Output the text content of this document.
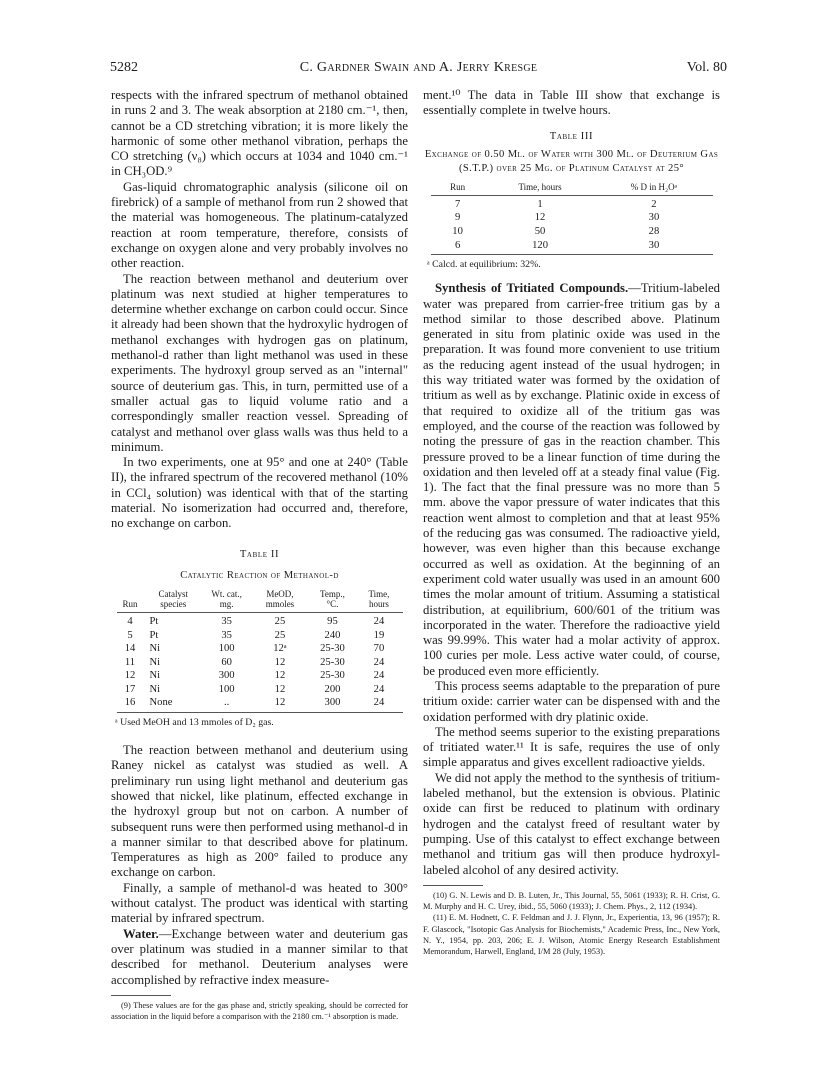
5282	C. Gardner Swain and A. Jerry Kresge	Vol. 80

respects with the infrared spectrum of methanol obtained in runs 2 and 3. The weak absorption at 2180 cm.⁻¹, then, cannot be a CD stretching vibration; it is more likely the harmonic of some other methanol vibration, perhaps the CO stretching (ν₈) which occurs at 1034 and 1040 cm.⁻¹ in CH₃OD.⁹

Gas-liquid chromatographic analysis (silicone oil on firebrick) of a sample of methanol from run 2 showed that the material was homogeneous. The platinum-catalyzed reaction at room temperature, therefore, consists of exchange on oxygen alone and very probably involves no other reaction.

The reaction between methanol and deuterium over platinum was next studied at higher temperatures to determine whether exchange on carbon could occur. Since it already had been shown that the hydroxylic hydrogen of methanol exchanges with hydrogen gas on platinum, methanol-d rather than light methanol was used in these experiments. The hydroxyl group served as an "internal" source of deuterium gas. This, in turn, permitted use of a smaller actual gas to liquid volume ratio and a correspondingly smaller reaction vessel. Spreading of catalyst and methanol over glass walls was thus held to a minimum.

In two experiments, one at 95° and one at 240° (Table II), the infrared spectrum of the recovered methanol (10% in CCl₄ solution) was identical with that of the starting material. No isomerization had occurred and, therefore, no exchange on carbon.

Table II

Catalytic Reaction of Methanol-d

Run	Catalyst species	Wt. cat., mg.	MeOD, mmoles	Temp., °C.	Time, hours
4	Pt	35	25	95	24
5	Pt	35	25	240	19
14	Ni	100	12ᵃ	25-30	70
11	Ni	60	12	25-30	24
12	Ni	300	12	25-30	24
17	Ni	100	12	200	24
16	None	..	12	300	24

ᵃ Used MeOH and 13 mmoles of D₂ gas.

The reaction between methanol and deuterium using Raney nickel as catalyst was studied as well. A preliminary run using light methanol and deuterium gas showed that nickel, like platinum, effected exchange in the hydroxyl group but not on carbon. A number of subsequent runs were then performed using methanol-d in a manner similar to that described above for platinum. Temperatures as high as 200° failed to produce any exchange on carbon.

Finally, a sample of methanol-d was heated to 300° without catalyst. The product was identical with starting material by infrared spectrum.

Water.—Exchange between water and deuterium gas over platinum was studied in a manner similar to that described for methanol. Deuterium analyses were accomplished by refractive index measure-

(9) These values are for the gas phase and, strictly speaking, should be corrected for association in the liquid before a comparison with the 2180 cm.⁻¹ absorption is made.

ment.¹⁰ The data in Table III show that exchange is essentially complete in twelve hours.

Table III

Exchange of 0.50 Ml. of Water with 300 Ml. of Deuterium Gas (S.T.P.) over 25 Mg. of Platinum Catalyst at 25°

Run	Time, hours	% D in H₂Oᵃ
7	1	2
9	12	30
10	50	28
6	120	30

ᵃ Calcd. at equilibrium: 32%.

Synthesis of Tritiated Compounds.—Tritium-labeled water was prepared from carrier-free tritium gas by a method similar to those described above. Platinum generated in situ from platinic oxide was used in the preparation. It was found more convenient to use tritium as the reducing agent instead of the usual hydrogen; in this way tritiated water was formed by the oxidation of tritium as well as by exchange. Platinic oxide in excess of that required to oxidize all of the tritium gas was employed, and the course of the reaction was followed by noting the pressure of gas in the reaction chamber. This pressure proved to be a linear function of time during the oxidation and then leveled off at a steady final value (Fig. 1). The fact that the final pressure was no more than 5 mm. above the vapor pressure of water indicates that this reaction went almost to completion and that at least 95% of the reducing gas was consumed. The radioactive yield, however, was even higher than this because exchange occurred as well as oxidation. At the beginning of an experiment cold water usually was used in an amount 600 times the molar amount of tritium. Assuming a statistical distribution, at equilibrium, 600/601 of the tritium was incorporated in the water. Therefore the radioactive yield was 99.99%. This water had a molar activity of approx. 100 curies per mole. Less active water could, of course, be produced even more efficiently.

This process seems adaptable to the preparation of pure tritium oxide: carrier water can be dispensed with and the oxidation performed with dry platinic oxide.

The method seems superior to the existing preparations of tritiated water.¹¹ It is safe, requires the use of only simple apparatus and gives excellent radioactive yields.

We did not apply the method to the synthesis of tritium-labeled methanol, but the extension is obvious. Platinic oxide can first be reduced to platinum with ordinary hydrogen and the catalyst freed of resultant water by pumping. Use of this catalyst to effect exchange between methanol and tritium gas will then produce hydroxyl-labeled alcohol of any desired activity.

(10) G. N. Lewis and D. B. Luten, Jr., This Journal, 55, 5061 (1933); R. H. Crist, G. M. Murphy and H. C. Urey, ibid., 55, 5060 (1933); J. Chem. Phys., 2, 112 (1934).

(11) E. M. Hodnett, C. F. Feldman and J. J. Flynn, Jr., Experientia, 13, 96 (1957); R. F. Glascock, "Isotopic Gas Analysis for Biochemists," Academic Press, Inc., New York, N. Y., 1954, pp. 203, 206; E. J. Wilson, Atomic Energy Research Establishment Memorandum, Harwell, England, I/M 28 (July, 1953).
